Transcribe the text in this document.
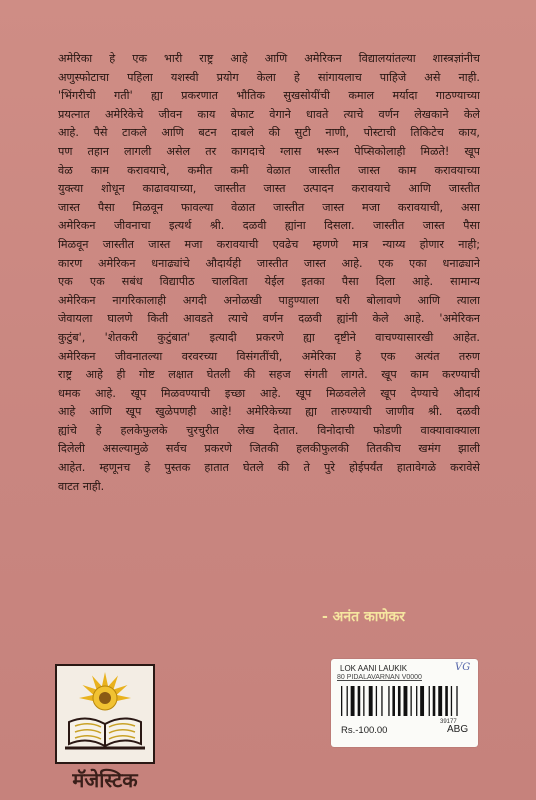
अमेरिका हे एक भारी राष्ट्र आहे आणि अमेरिकन विद्यालयांतल्या शास्त्रज्ञांनीच
अणुस्फोटाचा पहिला यशस्वी प्रयोग केला हे सांगायलाच पाहिजे असे नाही.
'भिंगरीची गती' ह्या प्रकरणात भौतिक सुखसोयींची कमाल मर्यादा गाठण्याच्या
प्रयत्नात अमेरिकेचे जीवन काय बेफाट वेगाने धावते त्याचे वर्णन लेखकाने केले
आहे. पैसे टाकले आणि बटन दाबले की सुटी नाणी, पोस्टाची तिकिटेच काय,
पण तहान लागली असेल तर कागदाचे ग्लास भरून पेप्सिकोलाही मिळते! खूप
वेळ काम करावयाचे, कमीत कमी वेळात जास्तीत जास्त काम करावयाच्या
युक्त्या शोधून काढावयाच्या, जास्तीत जास्त उत्पादन करावयाचे आणि जास्तीत
जास्त पैसा मिळवून फावल्या वेळात जास्तीत जास्त मजा करावयाची, असा
अमेरिकन जीवनाचा इत्यर्थ श्री. दळवी ह्यांना दिसला. जास्तीत जास्त पैसा
मिळवून जास्तीत जास्त मजा करावयाची एवढेच म्हणणे मात्र न्याय्य होणार नाही;
कारण अमेरिकन धनाढ्यांचे औदार्यही जास्तीत जास्त आहे. एक एका धनाढ्याने
एक एक सबंध विद्यापीठ चालविता येईल इतका पैसा दिला आहे. सामान्य
अमेरिकन नागरिकालाही अगदी अनोळखी पाहुण्याला घरी बोलावणे आणि त्याला
जेवायला घालणे किती आवडते त्याचे वर्णन दळवी ह्यांनी केले आहे. 'अमेरिकन
कुटुंब', 'शेतकरी कुटुंबात' इत्यादी प्रकरणे ह्या दृष्टीने वाचण्यासारखी आहेत.
अमेरिकन जीवनातल्या वरवरच्या विसंगतींची, अमेरिका हे एक अत्यंत तरुण
राष्ट्र आहे ही गोष्ट लक्षात घेतली की सहज संगती लागते. खूप काम करण्याची
धमक आहे. खूप मिळवण्याची इच्छा आहे. खूप मिळवलेले खूप देण्याचे औदार्य
आहे आणि खूप खुळेपणही आहे! अमेरिकेच्या ह्या तारुण्याची जाणीव श्री. दळवी
ह्यांचे हे हलकेफुलके चुरचुरीत लेख देतात. विनोदाची फोडणी वाक्यावाक्याला
दिलेली असल्यामुळे सर्वच प्रकरणे जितकी हलकीफुलकी तितकीच खमंग झाली
आहेत. म्हणूनच हे पुस्तक हातात घेतले की ते पुरे होईपर्यंत हातावेगळे करावेसे
वाटत नाही.
- अनंत काणेकर
मॅजेस्टिक
LOK AANI LAUKIK	VG
80 PIDALAVARNAN V0000
39177
Rs.-100.00	ABG
